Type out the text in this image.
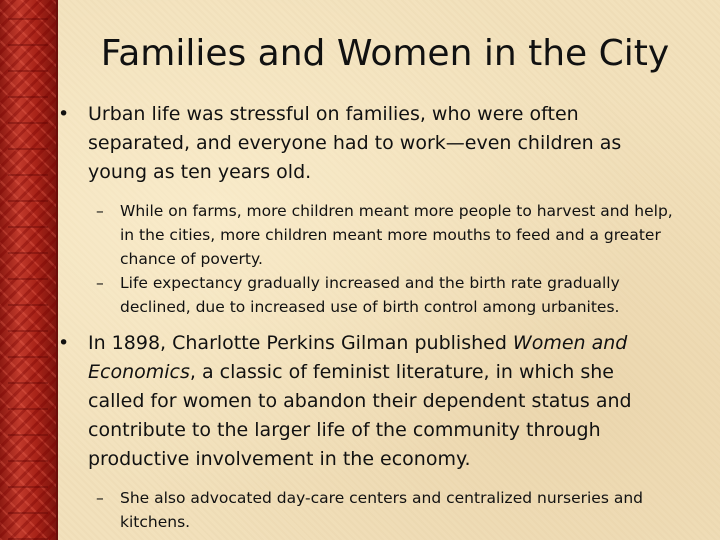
Families and Women in the City

• Urban life was stressful on families, who were often separated, and everyone had to work—even children as young as ten years old.

– While on farms, more children meant more people to harvest and help, in the cities, more children meant more mouths to feed and a greater chance of poverty.

– Life expectancy gradually increased and the birth rate gradually declined, due to increased use of birth control among urbanites.

• In 1898, Charlotte Perkins Gilman published Women and Economics, a classic of feminist literature, in which she called for women to abandon their dependent status and contribute to the larger life of the community through productive involvement in the economy.

– She also advocated day-care centers and centralized nurseries and kitchens.
